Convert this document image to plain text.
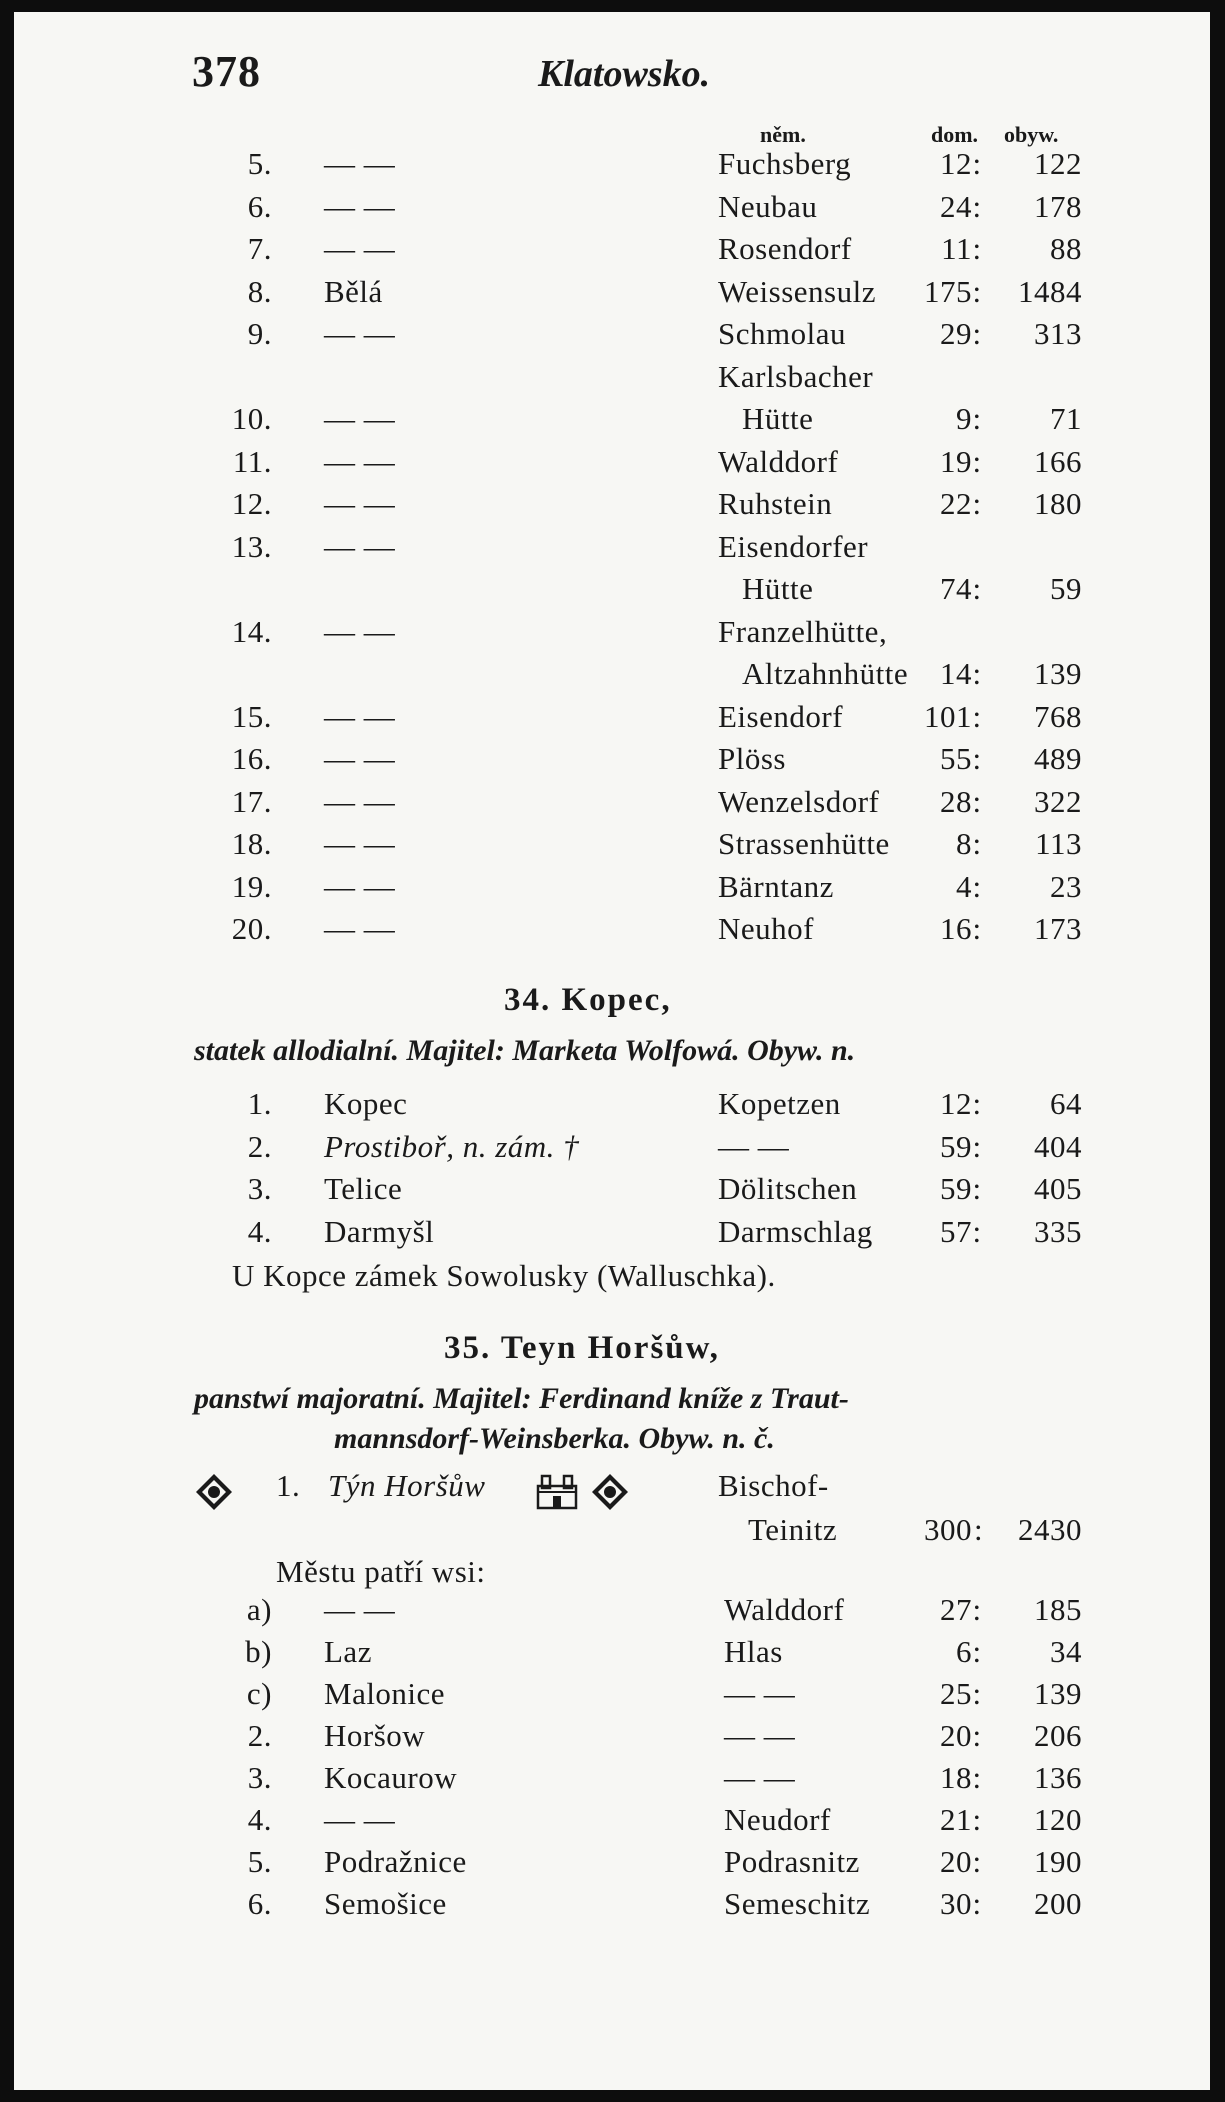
378	Klatowsko.
něm.	dom. obyw.
5. — —	Fuchsberg	12 :	122
6. — —	Neubau	24 :	178
7. — —	Rosendorf	11 :	88
8. Bělá	Weissensulz	175 :	1484
9. — —	Schmolau	29 :	313
Karlsbacher
10. — —	Hütte	9 :	71
11. — —	Walddorf	19 :	166
12. — —	Ruhstein	22 :	180
13. — —	Eisendorfer
Hütte	74 :	59
14. — —	Franzelhütte,
Altzahnhütte	14 :	139
15. — —	Eisendorf	101 :	768
16. — —	Plöss	55 :	489
17. — —	Wenzelsdorf	28 :	322
18. — —	Strassenhütte	8 :	113
19. — —	Bärntanz	4 :	23
20. — —	Neuhof	16 :	173
34. Kopec,
statek allodialní. Majitel: Marketa Wolfowá. Obyw. n.
1. Kopec	Kopetzen	12 :	64
2. Prostiboř, n. zám. †	— —	59 :	404
3. Telice	Dölitschen	59 :	405
4. Darmyšl	Darmschlag	57 :	335
U Kopce zámek Sowolusky (Walluschka).
35. Teyn Horšůw,
panstwí majoratní. Majitel: Ferdinand kníže z Traut-
mannsdorf-Weinsberka. Obyw. n. č.
1. Týn Horšůw	Bischof-
Teinitz	300 :	2430
Městu patří wsi:
a) — —	Walddorf	27 :	185
b) Laz	Hlas	6 :	34
c) Malonice	— —	25 :	139
2. Horšow	— —	20 :	206
3. Kocaurow	— —	18 :	136
4. — —	Neudorf	21 :	120
5. Podražnice	Podrasnitz	20 :	190
6. Semošice	Semeschitz	30 :	200
